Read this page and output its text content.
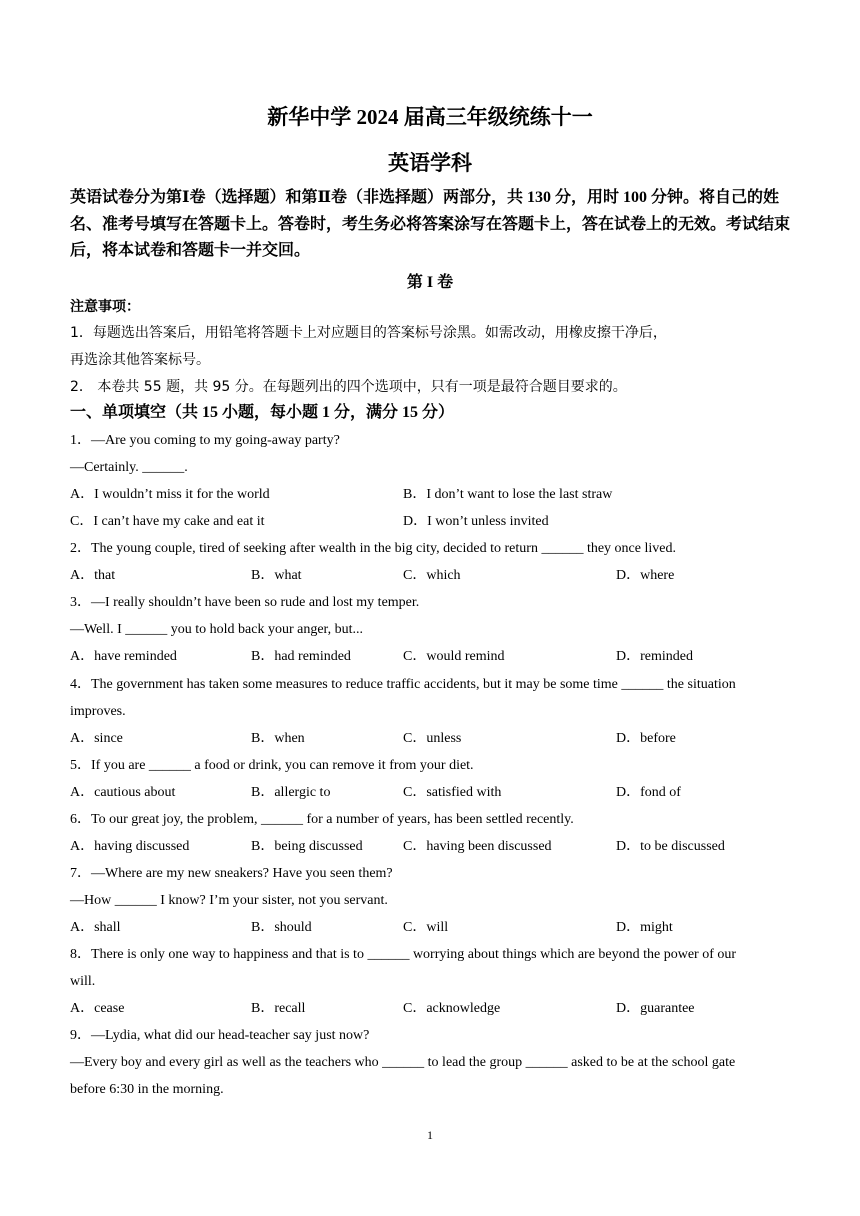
新华中学 2024 届高三年级统练十一
英语学科
英语试卷分为第Ⅰ卷（选择题）和第Ⅱ卷（非选择题）两部分，共 130 分，用时 100 分钟。将自己的姓名、准考号填写在答题卡上。答卷时，考生务必将答案涂写在答题卡上，答在试卷上的无效。考试结束后，将本试卷和答题卡一并交回。
第 I 卷
注意事项：
1．每题选出答案后，用铅笔将答题卡上对应题目的答案标号涂黑。如需改动，用橡皮擦干净后，
再选涂其他答案标号。
2． 本卷共 55 题，共 95 分。在每题列出的四个选项中，只有一项是最符合题目要求的。
一、单项填空（共 15 小题，每小题 1 分，满分 15 分）
1．—Are you coming to my going-away party?
—Certainly. ______.
A．I wouldn’t miss it for the world	B．I don’t want to lose the last straw
C．I can’t have my cake and eat it	D．I won’t unless invited
2．The young couple, tired of seeking after wealth in the big city, decided to return ______ they once lived.
A．that	B．what	C．which	D．where
3．—I really shouldn’t have been so rude and lost my temper.
—Well. I ______ you to hold back your anger, but...
A．have reminded	B．had reminded	C．would remind	D．reminded
4．The government has taken some measures to reduce traffic accidents, but it may be some time ______ the situation
improves.
A．since	B．when	C．unless	D．before
5．If you are ______ a food or drink, you can remove it from your diet.
A．cautious about	B．allergic to	C．satisfied with	D．fond of
6．To our great joy, the problem, ______ for a number of years, has been settled recently.
A．having discussed	B．being discussed	C．having been discussed	D．to be discussed
7．—Where are my new sneakers? Have you seen them?
—How ______ I know? I’m your sister, not you servant.
A．shall	B．should	C．will	D．might
8．There is only one way to happiness and that is to ______ worrying about things which are beyond the power of our
will.
A．cease	B．recall	C．acknowledge	D．guarantee
9．—Lydia, what did our head-teacher say just now?
—Every boy and every girl as well as the teachers who ______ to lead the group ______ asked to be at the school gate
before 6:30 in the morning.
1
